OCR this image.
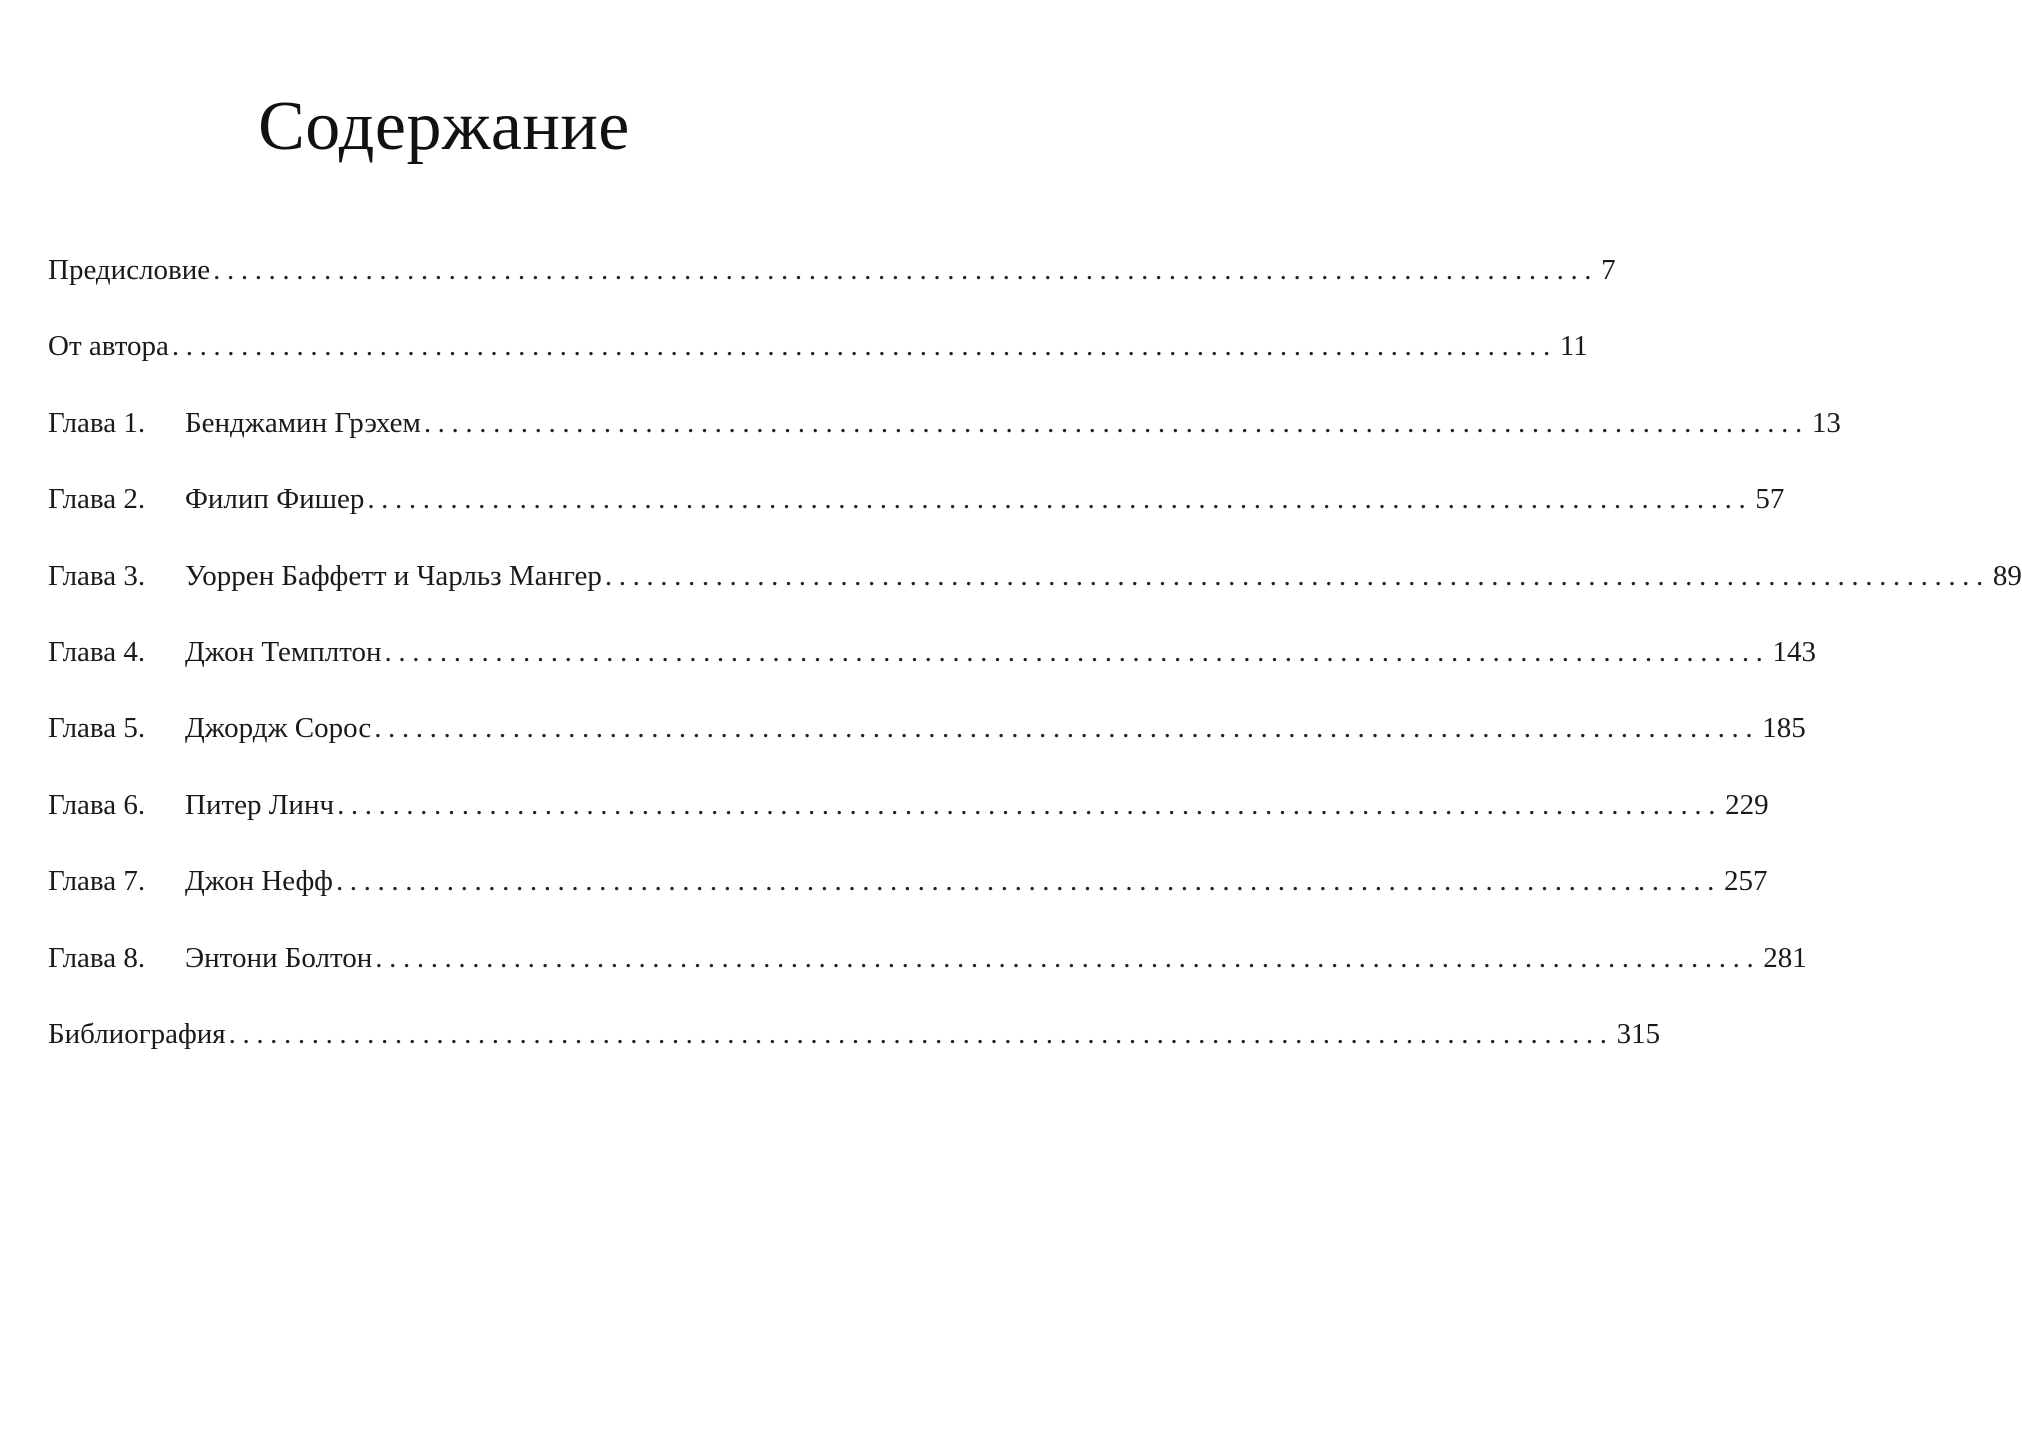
Содержание
Предисловие .................................................................................................... 7
От автора .................................................................................................... 11
Глава 1.	Бенджамин Грэхем .................................................................................................... 13
Глава 2.	Филип Фишер .................................................................................................... 57
Глава 3.	Уоррен Баффетт и Чарльз Мангер .................................................................................................... 89
Глава 4.	Джон Темплтон .................................................................................................... 143
Глава 5.	Джордж Сорос .................................................................................................... 185
Глава 6.	Питер Линч .................................................................................................... 229
Глава 7.	Джон Нефф .................................................................................................... 257
Глава 8.	Энтони Болтон .................................................................................................... 281
Библиография .................................................................................................... 315
